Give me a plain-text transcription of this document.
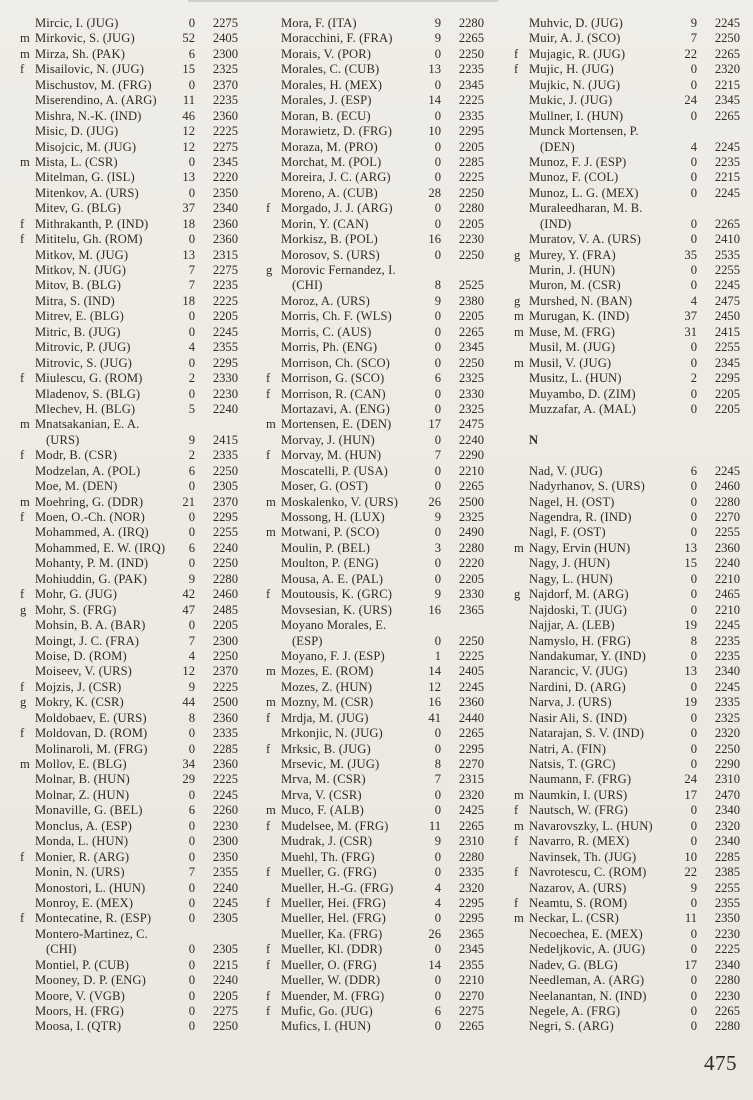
Mircic, I. (JUG)	0	2275
m Mirkovic, S. (JUG)	52	2405
m Mirza, Sh. (PAK)	6	2300
f Misailovic, N. (JUG)	15	2325
Mischustov, M. (FRG)	0	2370
Miserendino, A. (ARG)	11	2235
Mishra, N.-K. (IND)	46	2360
Misic, D. (JUG)	12	2225
Misojcic, M. (JUG)	12	2275
m Mista, L. (CSR)	0	2345
Mitelman, G. (ISL)	13	2220
Mitenkov, A. (URS)	0	2350
Mitev, G. (BLG)	37	2340
f Mithrakanth, P. (IND)	18	2360
f Mititelu, Gh. (ROM)	0	2360
Mitkov, M. (JUG)	13	2315
Mitkov, N. (JUG)	7	2275
Mitov, B. (BLG)	7	2235
Mitra, S. (IND)	18	2225
Mitrev, E. (BLG)	0	2205
Mitric, B. (JUG)	0	2245
Mitrovic, P. (JUG)	4	2355
Mitrovic, S. (JUG)	0	2295
f Miulescu, G. (ROM)	2	2330
Mladenov, S. (BLG)	0	2230
Mlechev, H. (BLG)	5	2240
m Mnatsakanian, E. A.
(URS)	9	2415
f Modr, B. (CSR)	2	2335
Modzelan, A. (POL)	6	2250
Moe, M. (DEN)	0	2305
m Moehring, G. (DDR)	21	2370
f Moen, O.-Ch. (NOR)	0	2295
Mohammed, A. (IRQ)	0	2255
Mohammed, E. W. (IRQ)	6	2240
Mohanty, P. M. (IND)	0	2250
Mohiuddin, G. (PAK)	9	2280
f Mohr, G. (JUG)	42	2460
g Mohr, S. (FRG)	47	2485
Mohsin, B. A. (BAR)	0	2205
Moingt, J. C. (FRA)	7	2300
Moise, D. (ROM)	4	2250
Moiseev, V. (URS)	12	2370
f Mojzis, J. (CSR)	9	2225
g Mokry, K. (CSR)	44	2500
Moldobaev, E. (URS)	8	2360
f Moldovan, D. (ROM)	0	2335
Molinaroli, M. (FRG)	0	2285
m Mollov, E. (BLG)	34	2360
Molnar, B. (HUN)	29	2225
Molnar, Z. (HUN)	0	2245
Monaville, G. (BEL)	6	2260
Monclus, A. (ESP)	0	2230
Monda, L. (HUN)	0	2300
f Monier, R. (ARG)	0	2350
Monin, N. (URS)	7	2355
Monostori, L. (HUN)	0	2240
Monroy, E. (MEX)	0	2245
f Montecatine, R. (ESP)	0	2305
Montero-Martinez, C.
(CHI)	0	2305
Montiel, P. (CUB)	0	2215
Mooney, D. P. (ENG)	0	2240
Moore, V. (VGB)	0	2205
Moors, H. (FRG)	0	2275
Moosa, I. (QTR)	0	2250
Mora, F. (ITA)	9	2280
Moracchini, F. (FRA)	9	2265
Morais, V. (POR)	0	2250
Morales, C. (CUB)	13	2235
Morales, H. (MEX)	0	2345
Morales, J. (ESP)	14	2225
Moran, B. (ECU)	0	2335
Morawietz, D. (FRG)	10	2295
Moraza, M. (PRO)	0	2205
Morchat, M. (POL)	0	2285
Moreira, J. C. (ARG)	0	2225
Moreno, A. (CUB)	28	2250
f Morgado, J. J. (ARG)	0	2280
Morin, Y. (CAN)	0	2205
Morkisz, B. (POL)	16	2230
Morosov, S. (URS)	0	2250
g Morovic Fernandez, I.
(CHI)	8	2525
Moroz, A. (URS)	9	2380
Morris, Ch. F. (WLS)	0	2205
Morris, C. (AUS)	0	2265
Morris, Ph. (ENG)	0	2345
Morrison, Ch. (SCO)	0	2250
f Morrison, G. (SCO)	6	2325
f Morrison, R. (CAN)	0	2330
Mortazavi, A. (ENG)	0	2325
m Mortensen, E. (DEN)	17	2475
Morvay, J. (HUN)	0	2240
f Morvay, M. (HUN)	7	2290
Moscatelli, P. (USA)	0	2210
Moser, G. (OST)	0	2265
m Moskalenko, V. (URS)	26	2500
Mossong, H. (LUX)	9	2325
m Motwani, P. (SCO)	0	2490
Moulin, P. (BEL)	3	2280
Moulton, P. (ENG)	0	2220
Mousa, A. E. (PAL)	0	2205
f Moutousis, K. (GRC)	9	2330
Movsesian, K. (URS)	16	2365
Moyano Morales, E.
(ESP)	0	2250
Moyano, F. J. (ESP)	1	2225
m Mozes, E. (ROM)	14	2405
Mozes, Z. (HUN)	12	2245
m Mozny, M. (CSR)	16	2360
f Mrdja, M. (JUG)	41	2440
Mrkonjic, N. (JUG)	0	2265
f Mrksic, B. (JUG)	0	2295
Mrsevic, M. (JUG)	8	2270
Mrva, M. (CSR)	7	2315
Mrva, V. (CSR)	0	2320
m Muco, F. (ALB)	0	2425
f Mudelsee, M. (FRG)	11	2265
Mudrak, J. (CSR)	9	2310
Muehl, Th. (FRG)	0	2280
f Mueller, G. (FRG)	0	2335
Mueller, H.-G. (FRG)	4	2320
f Mueller, Hei. (FRG)	4	2295
Mueller, Hel. (FRG)	0	2295
Mueller, Ka. (FRG)	26	2365
f Mueller, Kl. (DDR)	0	2345
f Mueller, O. (FRG)	14	2355
Mueller, W. (DDR)	0	2210
f Muender, M. (FRG)	0	2270
f Mufic, Go. (JUG)	6	2275
Mufics, I. (HUN)	0	2265
Muhvic, D. (JUG)	9	2245
Muir, A. J. (SCO)	7	2250
f Mujagic, R. (JUG)	22	2265
f Mujic, H. (JUG)	0	2320
Mujkic, N. (JUG)	0	2215
Mukic, J. (JUG)	24	2345
Mullner, I. (HUN)	0	2265
Munck Mortensen, P.
(DEN)	4	2245
Munoz, F. J. (ESP)	0	2235
Munoz, F. (COL)	0	2215
Munoz, L. G. (MEX)	0	2245
Muraleedharan, M. B.
(IND)	0	2265
Muratov, V. A. (URS)	0	2410
g Murey, Y. (FRA)	35	2535
Murin, J. (HUN)	0	2255
Muron, M. (CSR)	0	2245
g Murshed, N. (BAN)	4	2475
m Murugan, K. (IND)	37	2450
m Muse, M. (FRG)	31	2415
Musil, M. (JUG)	0	2255
m Musil, V. (JUG)	0	2345
Musitz, L. (HUN)	2	2295
Muyambo, D. (ZIM)	0	2205
Muzzafar, A. (MAL)	0	2205
N
Nad, V. (JUG)	6	2245
Nadyrhanov, S. (URS)	0	2460
Nagel, H. (OST)	0	2280
Nagendra, R. (IND)	0	2270
Nagl, F. (OST)	0	2255
m Nagy, Ervin (HUN)	13	2360
Nagy, J. (HUN)	15	2240
Nagy, L. (HUN)	0	2210
g Najdorf, M. (ARG)	0	2465
Najdoski, T. (JUG)	0	2210
Najjar, A. (LEB)	19	2245
Namyslo, H. (FRG)	8	2235
Nandakumar, Y. (IND)	0	2235
Narancic, V. (JUG)	13	2340
Nardini, D. (ARG)	0	2245
Narva, J. (URS)	19	2335
Nasir Ali, S. (IND)	0	2325
Natarajan, S. V. (IND)	0	2320
Natri, A. (FIN)	0	2250
Natsis, T. (GRC)	0	2290
Naumann, F. (FRG)	24	2310
m Naumkin, I. (URS)	17	2470
f Nautsch, W. (FRG)	0	2340
m Navarovszky, L. (HUN)	0	2320
f Navarro, R. (MEX)	0	2340
Navinsek, Th. (JUG)	10	2285
f Navrotescu, C. (ROM)	22	2385
Nazarov, A. (URS)	9	2255
f Neamtu, S. (ROM)	0	2355
m Neckar, L. (CSR)	11	2350
Necoechea, E. (MEX)	0	2230
Nedeljkovic, A. (JUG)	0	2225
Nadev, G. (BLG)	17	2340
Needleman, A. (ARG)	0	2280
Neelanantan, N. (IND)	0	2230
Negele, A. (FRG)	0	2265
Negri, S. (ARG)	0	2280
475
